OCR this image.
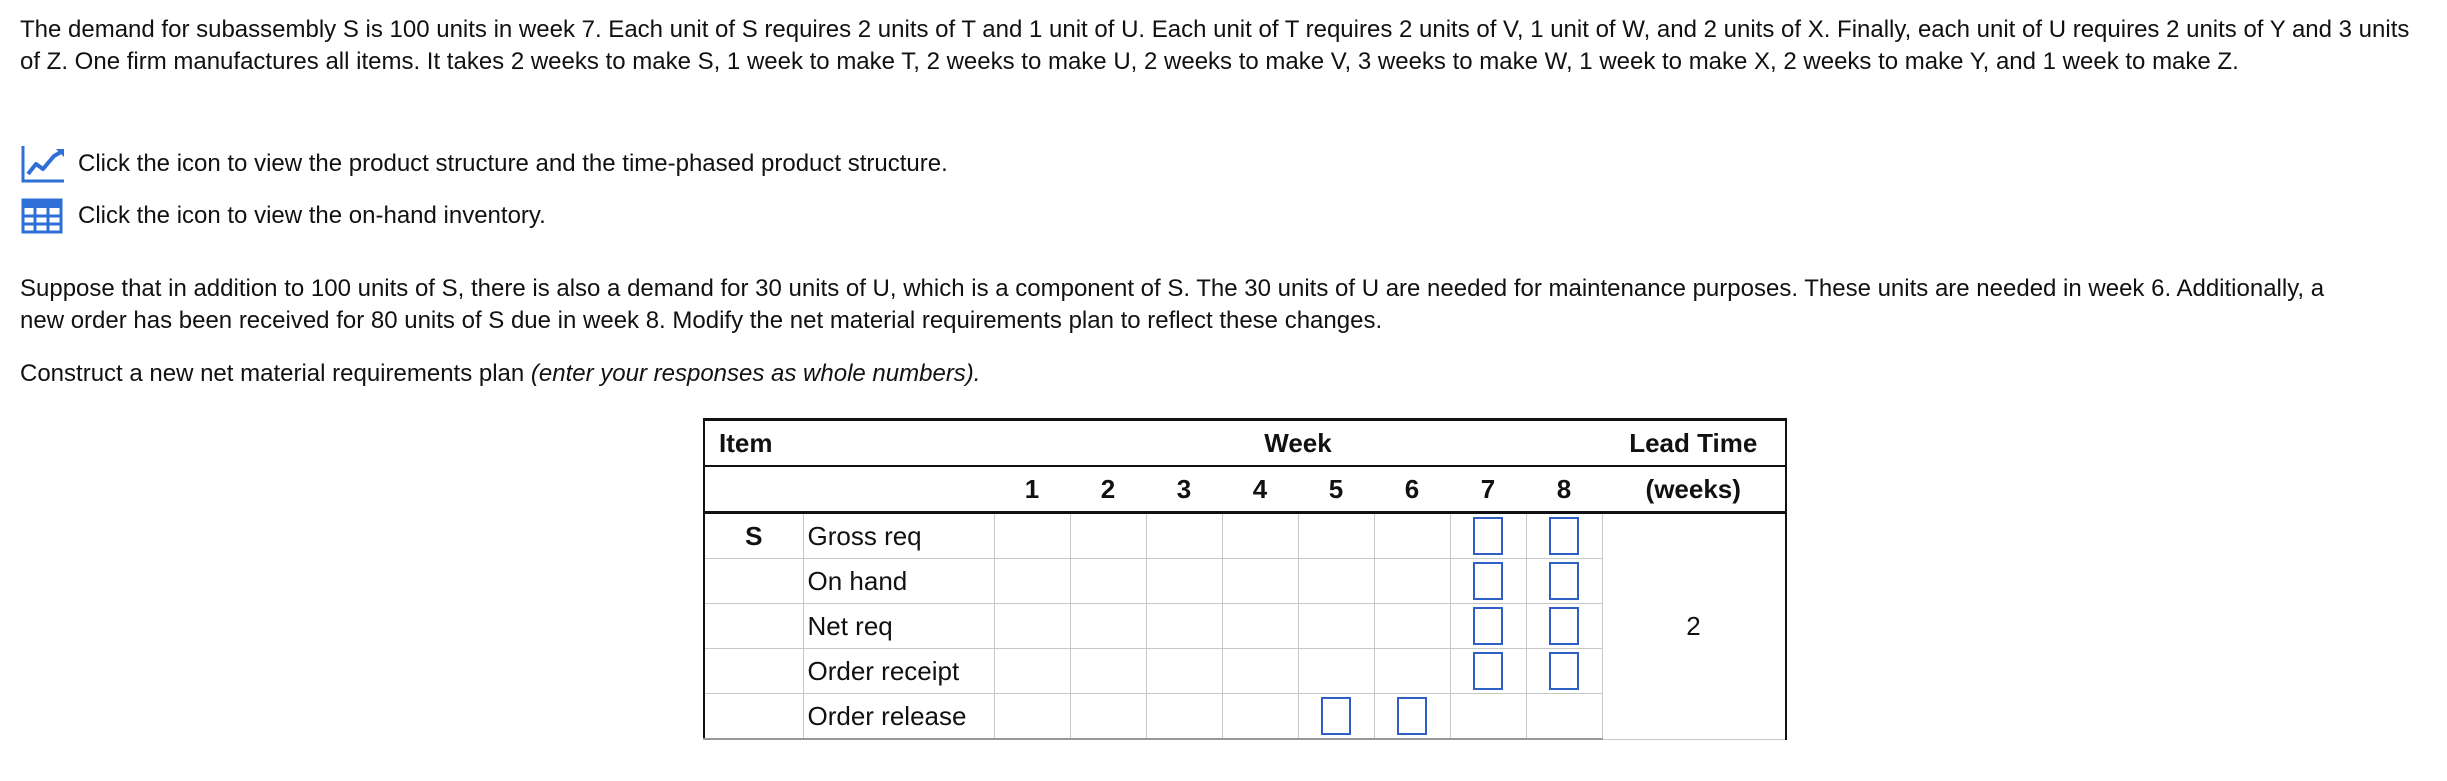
The demand for subassembly S is 100 units in week 7. Each unit of S requires 2 units of T and 1 unit of U. Each unit of T requires 2 units of V, 1 unit of W, and 2 units of X. Finally, each unit of U requires 2 units of Y and 3 units of Z. One firm manufactures all items. It takes 2 weeks to make S, 1 week to make T, 2 weeks to make U, 2 weeks to make V, 3 weeks to make W, 1 week to make X, 2 weeks to make Y, and 1 week to make Z.

Click the icon to view the product structure and the time-phased product structure.
Click the icon to view the on-hand inventory.

Suppose that in addition to 100 units of S, there is also a demand for 30 units of U, which is a component of S. The 30 units of U are needed for maintenance purposes. These units are needed in week 6. Additionally, a new order has been received for 80 units of S due in week 8. Modify the net material requirements plan to reflect these changes.

Construct a new net material requirements plan (enter your responses as whole numbers).

Item		Week								Lead Time
		1	2	3	4	5	6	7	8	(weeks)
S	Gross req									2
	On hand									
	Net req									
	Order receipt									
	Order release									
